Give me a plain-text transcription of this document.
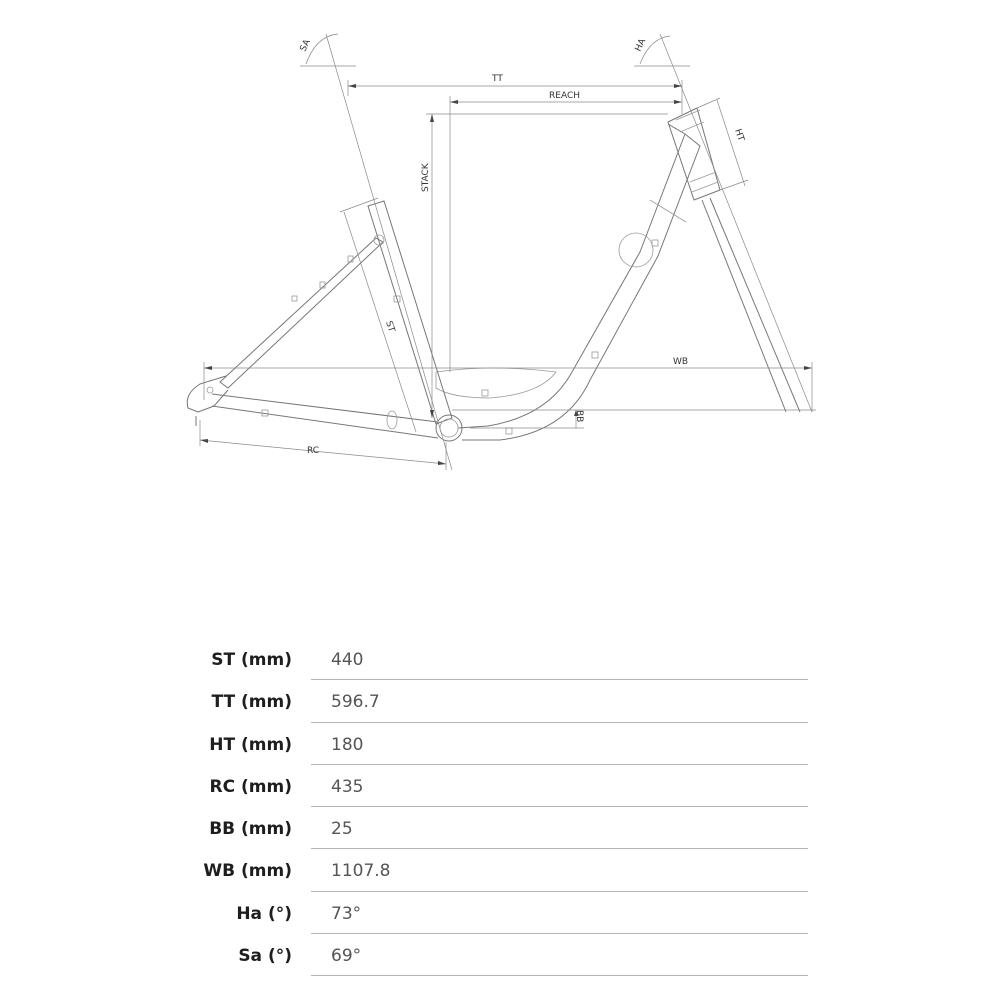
SA	HA
TT
REACH
HT
STACK
ST
WB
BB
RC
ST (mm) 440
TT (mm) 596.7
HT (mm) 180
RC (mm) 435
BB (mm) 25
WB (mm) 1107.8
Ha (°) 73°
Sa (°) 69°
